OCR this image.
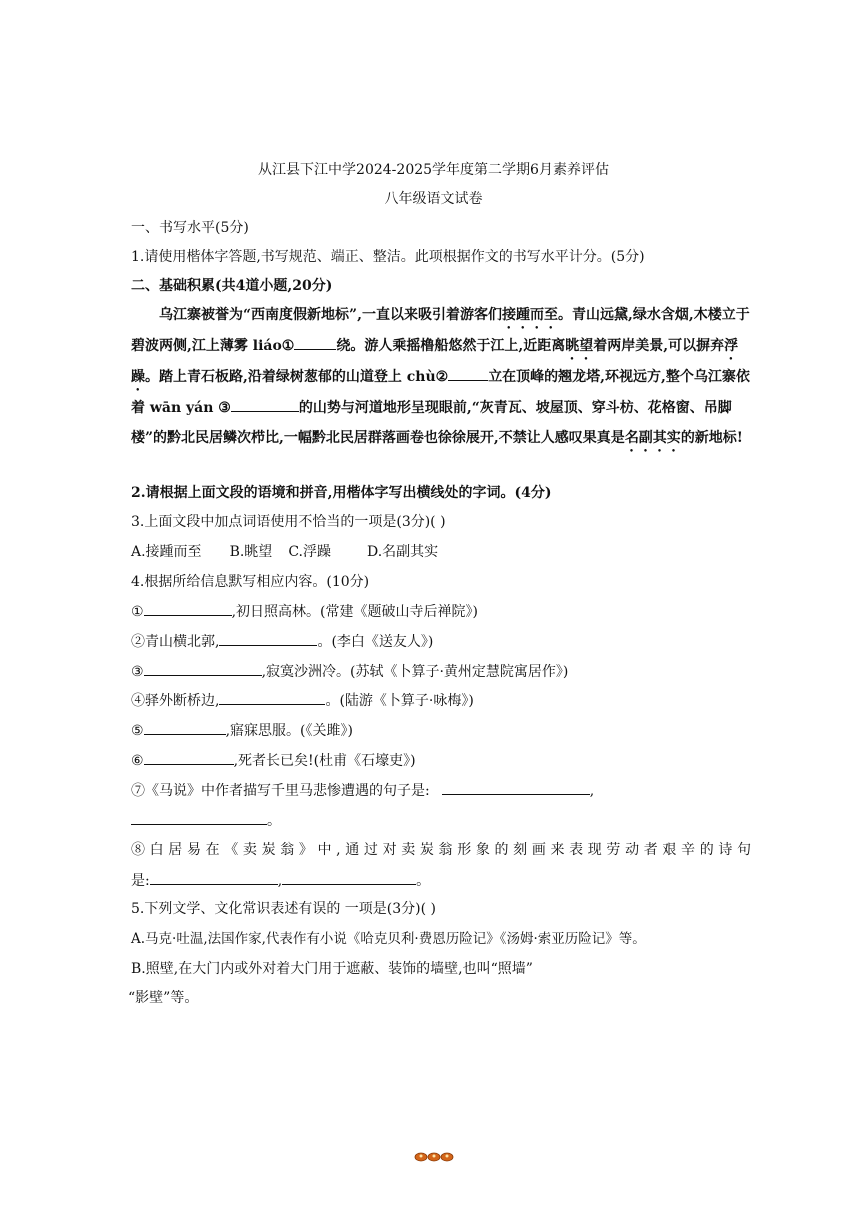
从江县下江中学2024-2025学年度第二学期6月素养评估
八年级语文试卷
一、书写水平(5分)
1.请使用楷体字答题,书写规范、端正、整洁。此项根据作文的书写水平计分。(5分)
二、基础积累(共4道小题,20分)
乌江寨被誉为“西南度假新地标”,一直以来吸引着游客们接踵而至。青山远黛,绿水含烟,木楼立于碧波两侧,江上薄雾 liáo①	绕。游人乘摇橹船悠然于江上,近距离眺望着两岸美景,可以摒弃浮躁。踏上青石板路,沿着绿树葱郁的山道登上 chù②	立在顶峰的翘龙塔,环视远方,整个乌江寨依着 wān yán ③	的山势与河道地形呈现眼前,“灰青瓦、坡屋顶、穿斗枋、花格窗、吊脚楼”的黔北民居鳞次栉比,一幅黔北民居群落画卷也徐徐展开,不禁让人感叹果真是名副其实的新地标!
2.请根据上面文段的语境和拼音,用楷体字写出横线处的字词。(4分)
3.上面文段中加点词语使用不恰当的一项是(3分)( )
A.接踵而至 B.眺望 C.浮躁	D.名副其实
4.根据所给信息默写相应内容。(10分)
①	,初日照高林。(常建《题破山寺后禅院》)
②青山横北郭,	。(李白《送友人》)
③	,寂寞沙洲冷。(苏轼《卜算子·黄州定慧院寓居作》)
④驿外断桥边,	。(陆游《卜算子·咏梅》)
⑤	,寤寐思服。(《关雎》)
⑥	,死者长已矣!(杜甫《石壕吏》)
⑦《马说》中作者描写千里马悲惨遭遇的句子是:	,
。
⑧白居易在《卖炭翁》中,通过对卖炭翁形象的刻画来表现劳动者艰辛的诗句
是:	,	。
5.下列文学、文化常识表述有误的 一项是(3分)( )
A.马克·吐温,法国作家,代表作有小说《哈克贝利·费恩历险记》《汤姆·索亚历险记》等。
B.照壁,在大门内或外对着大门用于遮蔽、装饰的墙壁,也叫“照墙”
“影壁”等。
